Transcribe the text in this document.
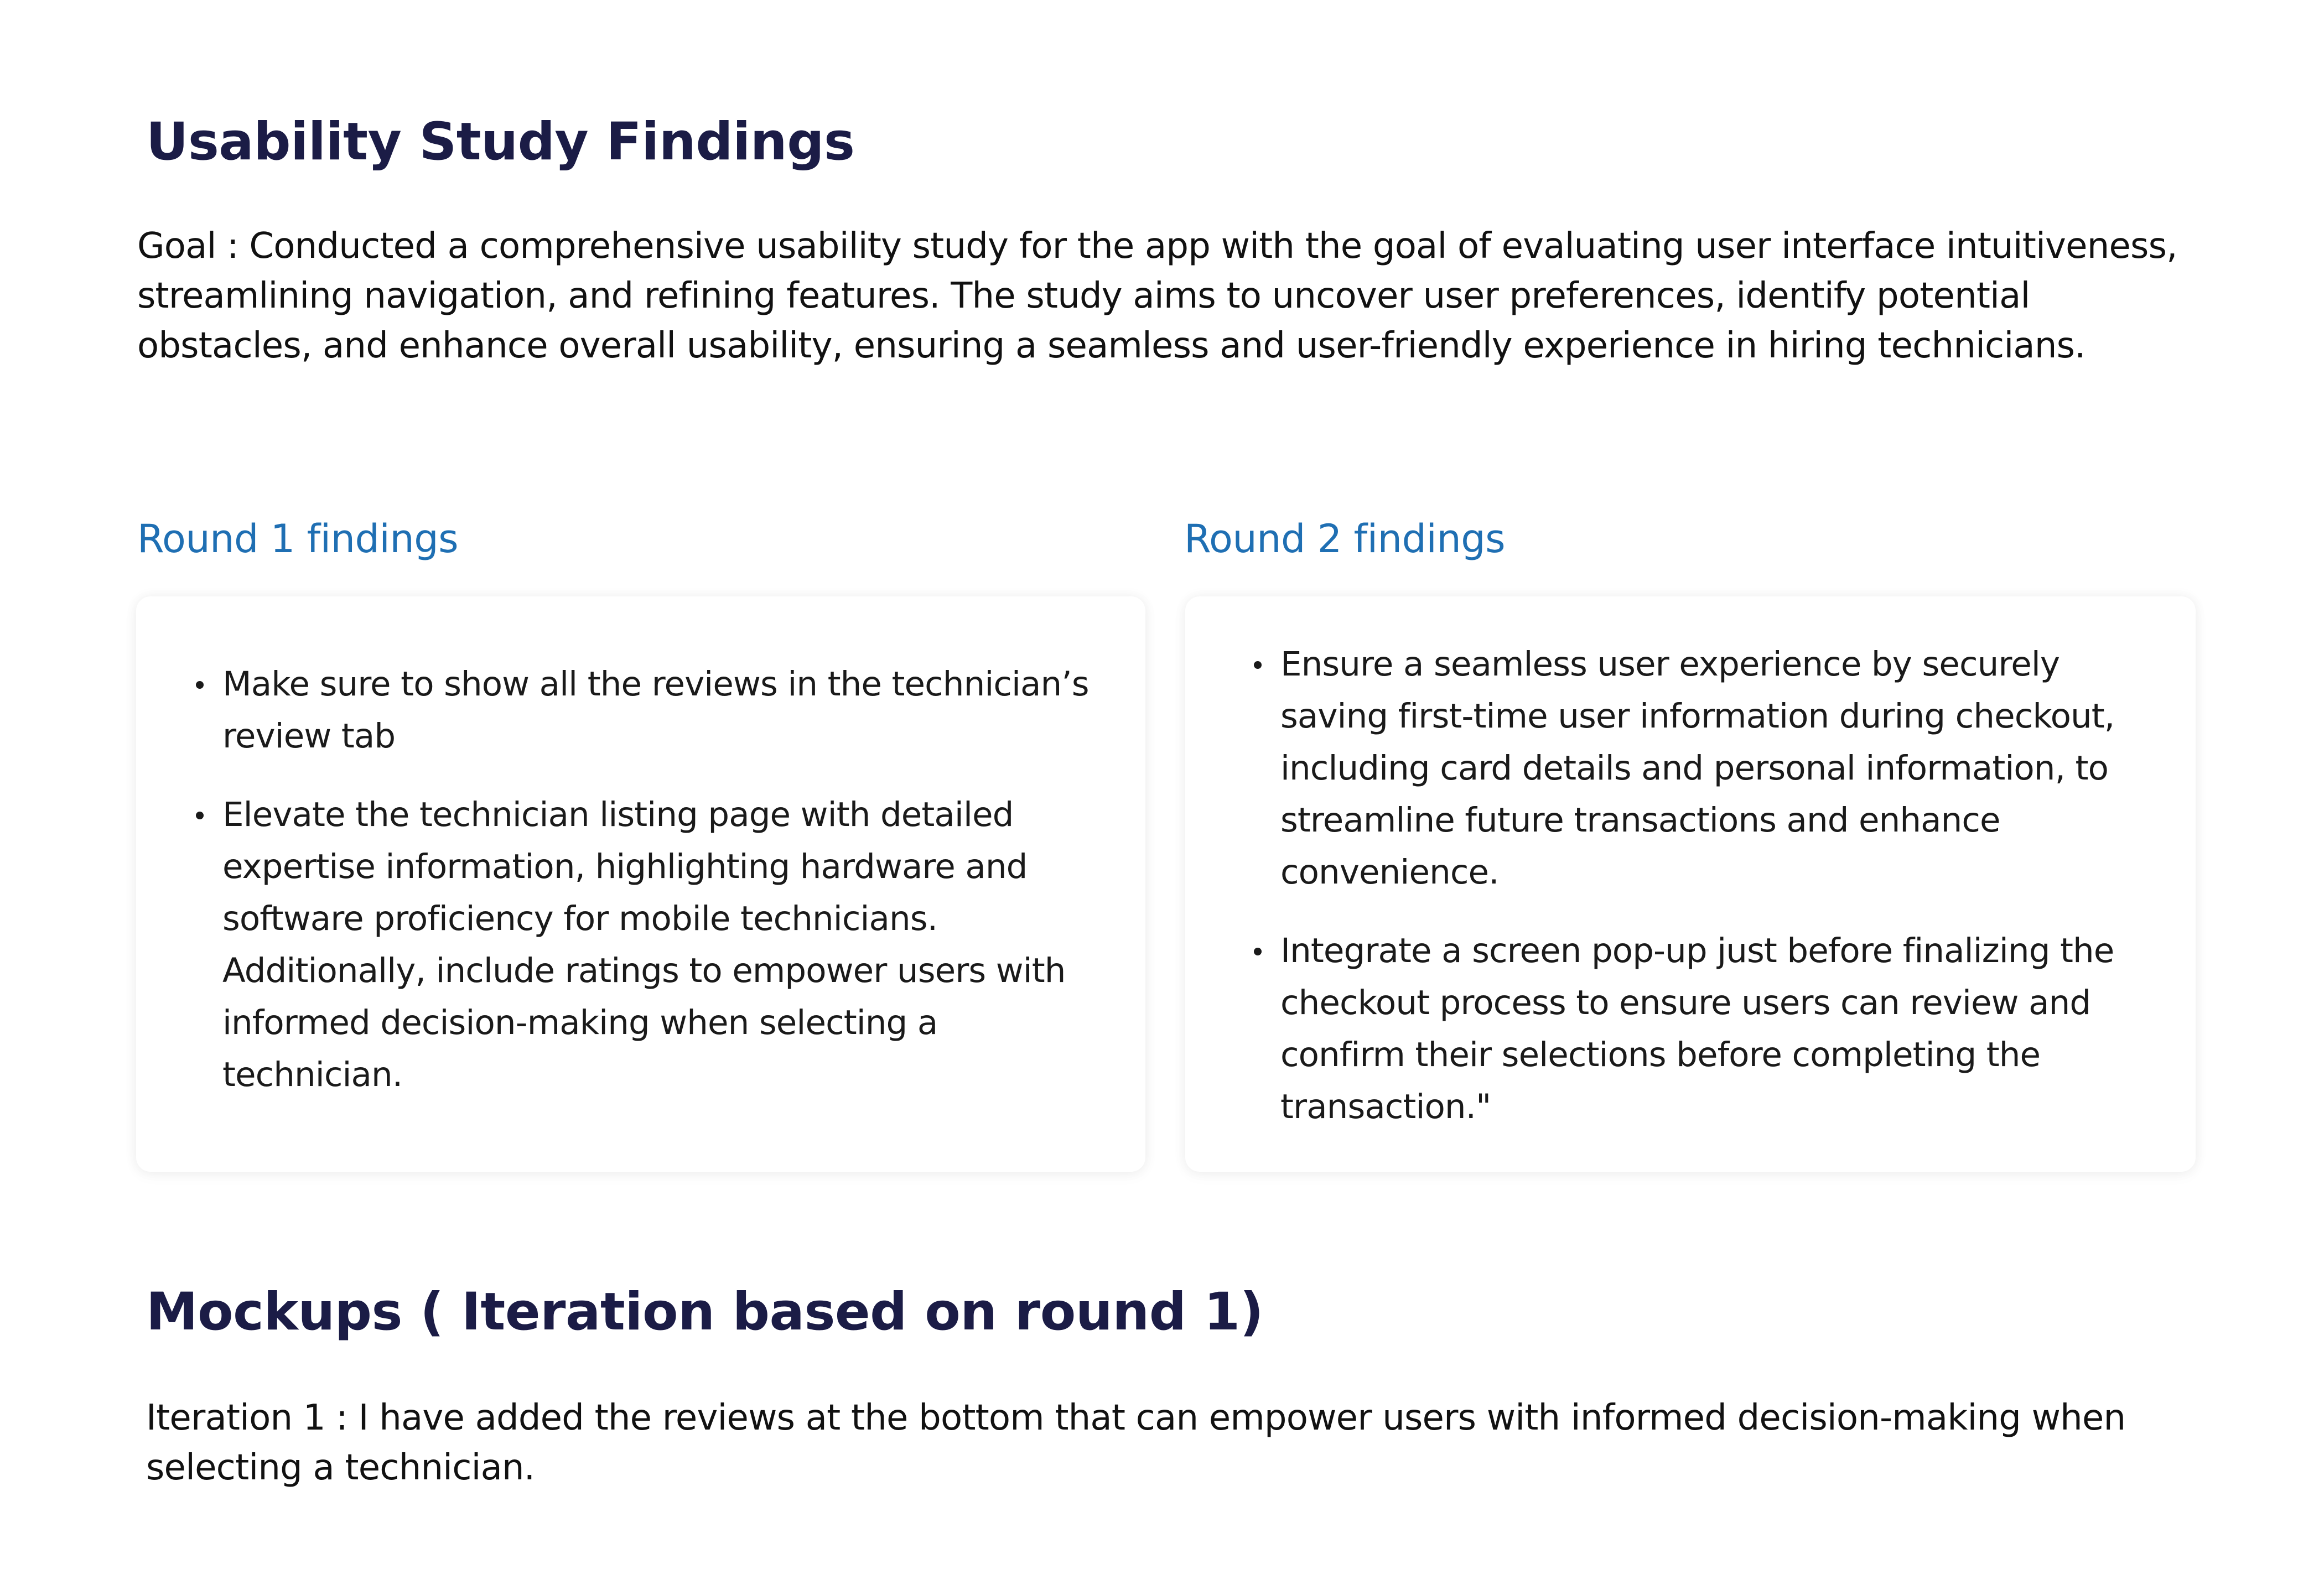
Usability Study Findings

Goal : Conducted a comprehensive usability study for the app with the goal of evaluating user interface intuitiveness, streamlining navigation, and refining features. The study aims to uncover user preferences, identify potential obstacles, and enhance overall usability, ensuring a seamless and user-friendly experience in hiring technicians.

Round 1 findings	Round 2 findings
Make sure to show all the reviews in the technician’s review tab
Elevate the technician listing page with detailed expertise information, highlighting hardware and software proficiency for mobile technicians. Additionally, include ratings to empower users with informed decision-making when selecting a technician.
Ensure a seamless user experience by securely saving first-time user information during checkout, including card details and personal information, to streamline future transactions and enhance convenience.
Integrate a screen pop-up just before finalizing the checkout process to ensure users can review and confirm their selections before completing the transaction."
Mockups ( Iteration based on round 1)

Iteration 1 : I have added the reviews at the bottom that can empower users with informed decision-making when selecting a technician.
